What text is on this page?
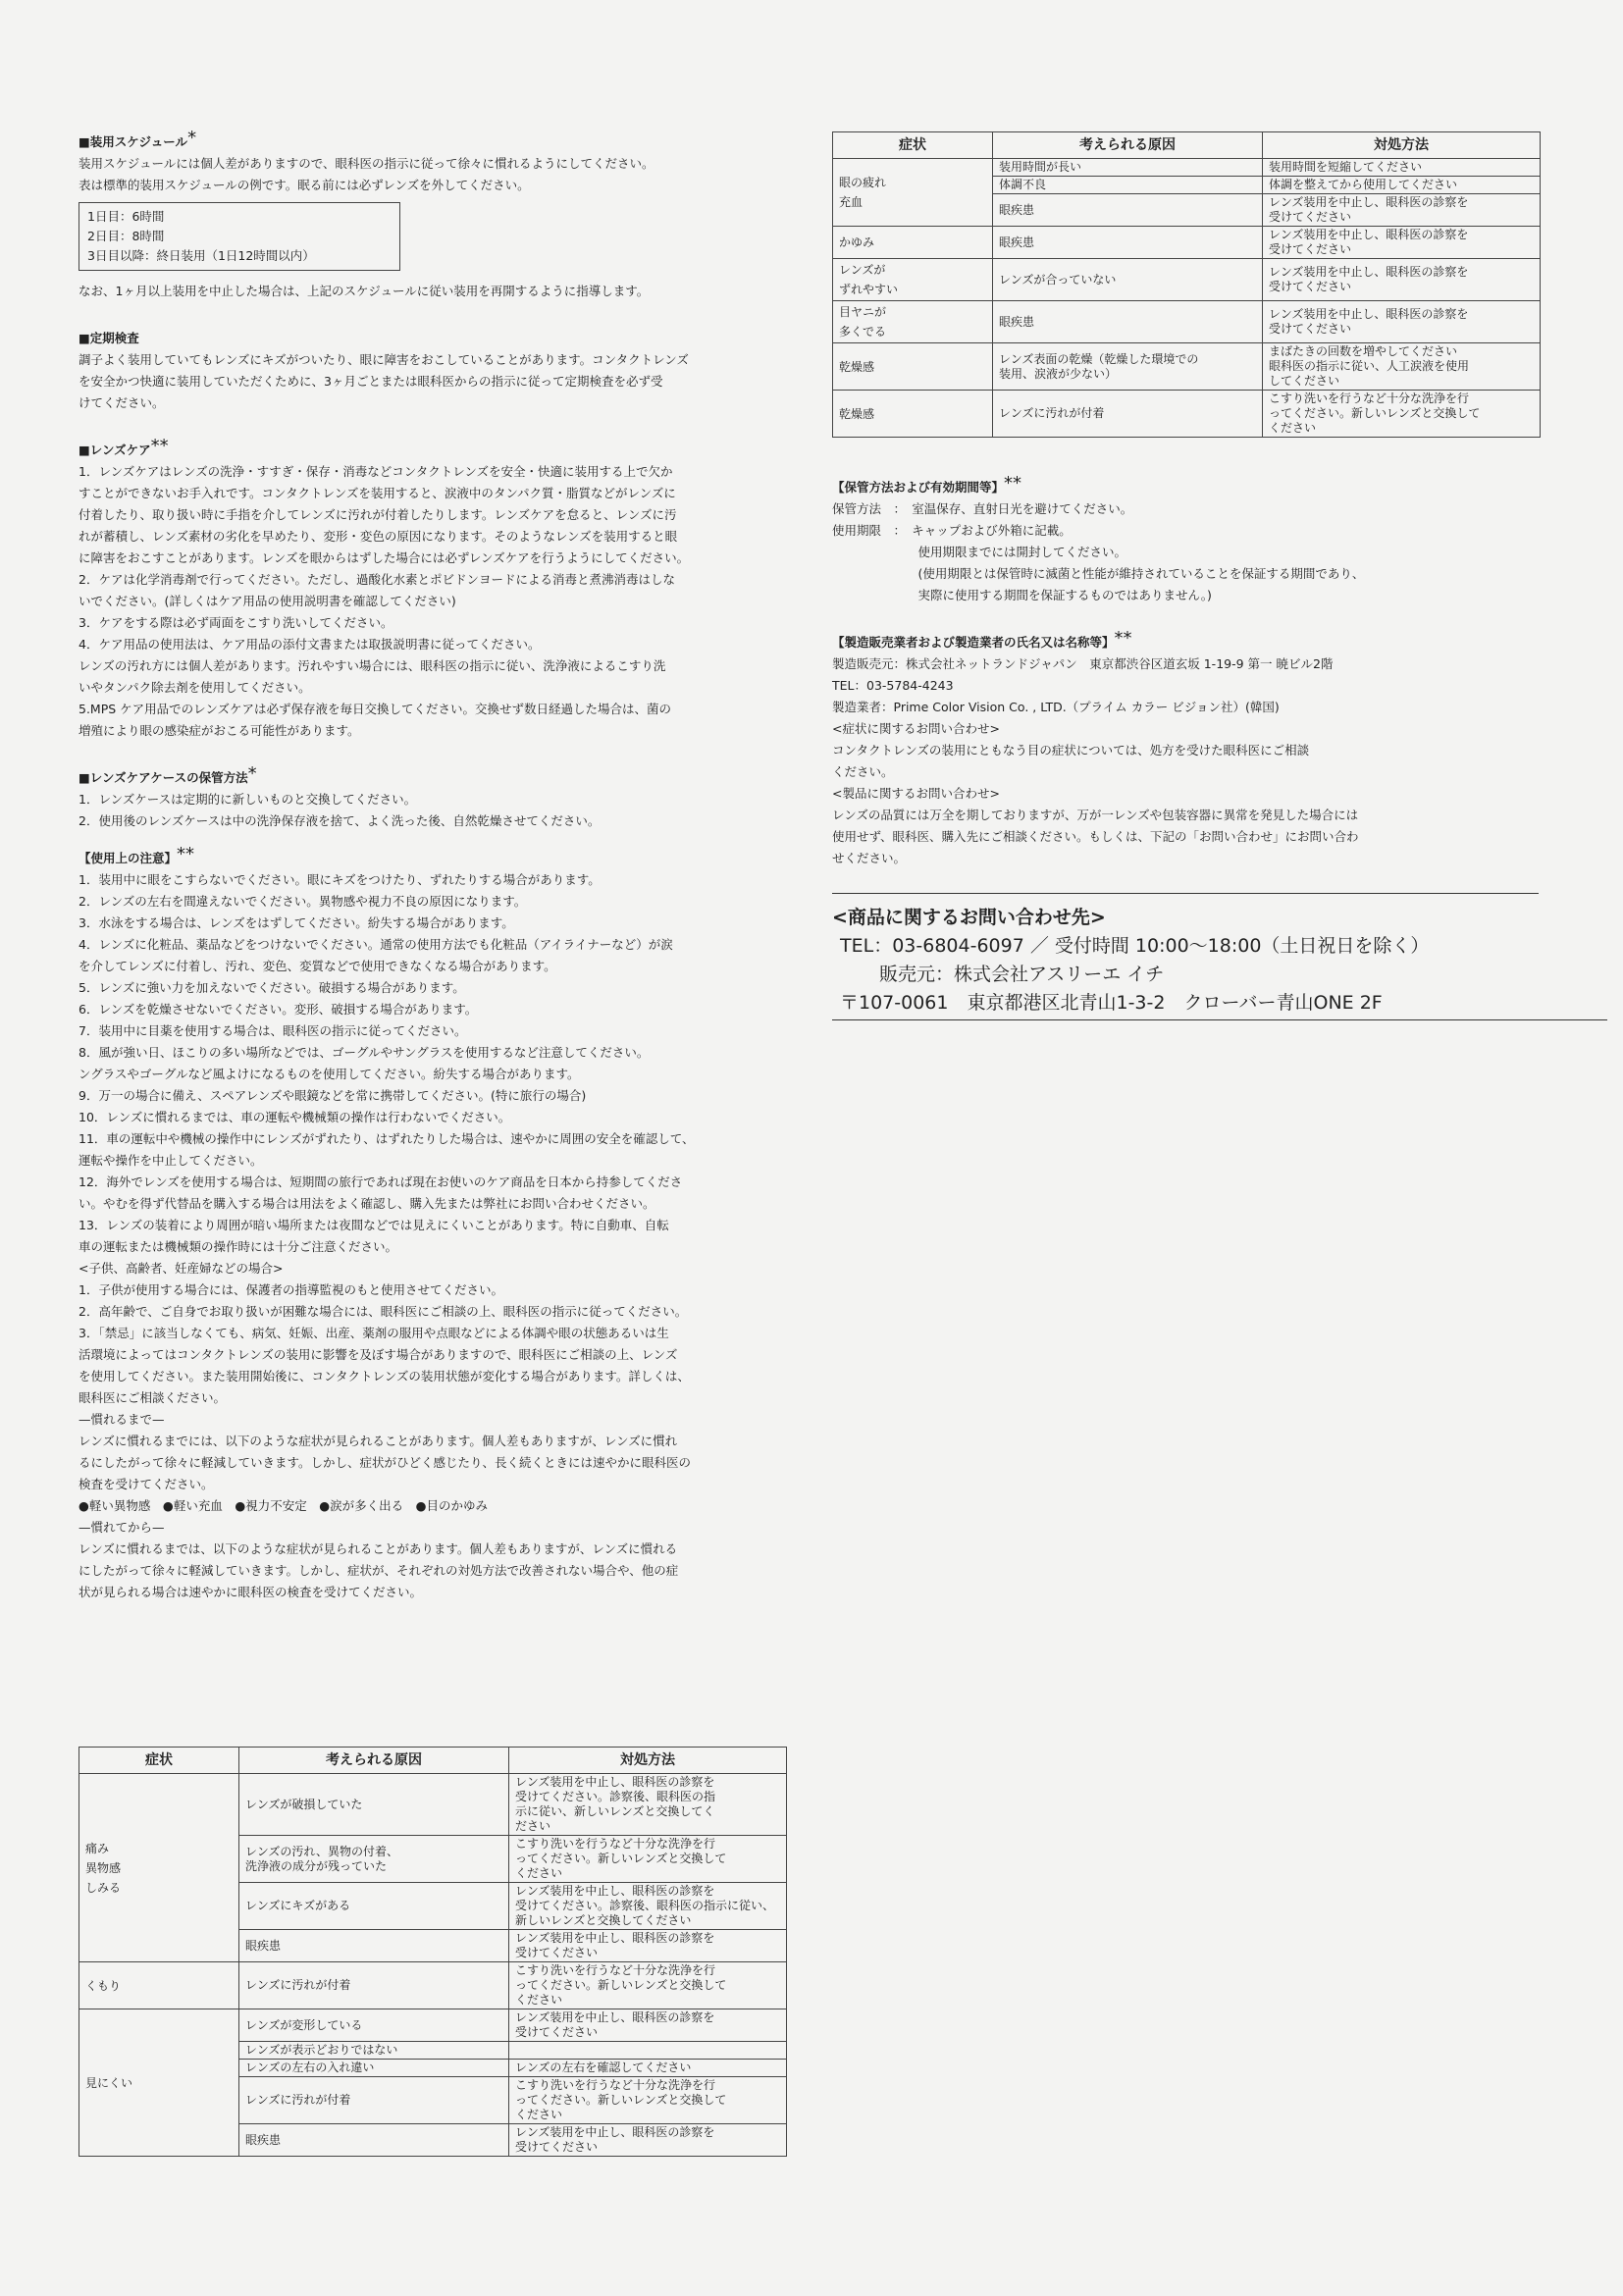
■装用スケジュール*

装用スケジュールには個人差がありますので、眼科医の指示に従って徐々に慣れるようにしてください。

表は標準的装用スケジュールの例です。眠る前には必ずレンズを外してください。

1日目：6時間
2日目：8時間
3日目以降：終日装用（1日12時間以内）

なお、1ヶ月以上装用を中止した場合は、上記のスケジュールに従い装用を再開するように指導します。

■定期検査

調子よく装用していてもレンズにキズがついたり、眼に障害をおこしていることがあります。コンタクトレンズ

を安全かつ快適に装用していただくために、3ヶ月ごとまたは眼科医からの指示に従って定期検査を必ず受

けてください。

■レンズケア**

1．レンズケアはレンズの洗浄・すすぎ・保存・消毒などコンタクトレンズを安全・快適に装用する上で欠か

すことができないお手入れです。コンタクトレンズを装用すると、涙液中のタンパク質・脂質などがレンズに

付着したり、取り扱い時に手指を介してレンズに汚れが付着したりします。レンズケアを怠ると、レンズに汚

れが蓄積し、レンズ素材の劣化を早めたり、変形・変色の原因になります。そのようなレンズを装用すると眼

に障害をおこすことがあります。レンズを眼からはずした場合には必ずレンズケアを行うようにしてください。

2．ケアは化学消毒剤で行ってください。ただし、過酸化水素とポビドンヨードによる消毒と煮沸消毒はしな

いでください。(詳しくはケア用品の使用説明書を確認してください)

3．ケアをする際は必ず両面をこすり洗いしてください。

4．ケア用品の使用法は、ケア用品の添付文書または取扱説明書に従ってください。

レンズの汚れ方には個人差があります。汚れやすい場合には、眼科医の指示に従い、洗浄液によるこすり洗

いやタンパク除去剤を使用してください。

5.MPS ケア用品でのレンズケアは必ず保存液を毎日交換してください。交換せず数日経過した場合は、菌の

増殖により眼の感染症がおこる可能性があります。

■レンズケアケースの保管方法*

1．レンズケースは定期的に新しいものと交換してください。

2．使用後のレンズケースは中の洗浄保存液を捨て、よく洗った後、自然乾燥させてください。

【使用上の注意】**

1．装用中に眼をこすらないでください。眼にキズをつけたり、ずれたりする場合があります。

2．レンズの左右を間違えないでください。異物感や視力不良の原因になります。

3．水泳をする場合は、レンズをはずしてください。紛失する場合があります。

4．レンズに化粧品、薬品などをつけないでください。通常の使用方法でも化粧品（アイライナーなど）が涙

を介してレンズに付着し、汚れ、変色、変質などで使用できなくなる場合があります。

5．レンズに強い力を加えないでください。破損する場合があります。

6．レンズを乾燥させないでください。変形、破損する場合があります。

7．装用中に目薬を使用する場合は、眼科医の指示に従ってください。

8．風が強い日、ほこりの多い場所などでは、ゴーグルやサングラスを使用するなど注意してください。

ングラスやゴーグルなど風よけになるものを使用してください。紛失する場合があります。

9．万一の場合に備え、スペアレンズや眼鏡などを常に携帯してください。(特に旅行の場合)

10．レンズに慣れるまでは、車の運転や機械類の操作は行わないでください。

11．車の運転中や機械の操作中にレンズがずれたり、はずれたりした場合は、速やかに周囲の安全を確認して、

運転や操作を中止してください。

12．海外でレンズを使用する場合は、短期間の旅行であれば現在お使いのケア商品を日本から持参してくださ

い。やむを得ず代替品を購入する場合は用法をよく確認し、購入先または弊社にお問い合わせください。

13．レンズの装着により周囲が暗い場所または夜間などでは見えにくいことがあります。特に自動車、自転

車の運転または機械類の操作時には十分ご注意ください。

<子供、高齢者、妊産婦などの場合>

1．子供が使用する場合には、保護者の指導監視のもと使用させてください。

2．高年齢で、ご自身でお取り扱いが困難な場合には、眼科医にご相談の上、眼科医の指示に従ってください。

3．「禁忌」に該当しなくても、病気、妊娠、出産、薬剤の服用や点眼などによる体調や眼の状態あるいは生

活環境によってはコンタクトレンズの装用に影響を及ぼす場合がありますので、眼科医にご相談の上、レンズ

を使用してください。また装用開始後に、コンタクトレンズの装用状態が変化する場合があります。詳しくは、

眼科医にご相談ください。

—慣れるまで—

レンズに慣れるまでには、以下のような症状が見られることがあります。個人差もありますが、レンズに慣れ

るにしたがって徐々に軽減していきます。しかし、症状がひどく感じたり、長く続くときには速やかに眼科医の

検査を受けてください。

●軽い異物感　●軽い充血　●視力不安定　●涙が多く出る　●目のかゆみ

—慣れてから—

レンズに慣れるまでは、以下のような症状が見られることがあります。個人差もありますが、レンズに慣れる

にしたがって徐々に軽減していきます。しかし、症状が、それぞれの対処方法で改善されない場合や、他の症

状が見られる場合は速やかに眼科医の検査を受けてください。

症状	考えられる原因	対処方法
痛み
異物感
しみる	レンズが破損していた	レンズ装用を中止し、眼科医の診察を
受けてください。診察後、眼科医の指
示に従い、新しいレンズと交換してく
ださい
	レンズの汚れ、異物の付着、
洗浄液の成分が残っていた	こすり洗いを行うなど十分な洗浄を行
ってください。新しいレンズと交換して
ください
	レンズにキズがある	レンズ装用を中止し、眼科医の診察を
受けてください。診察後、眼科医の指示に従い、
新しいレンズと交換してください
	眼疾患	レンズ装用を中止し、眼科医の診察を
受けてください
くもり	レンズに汚れが付着	こすり洗いを行うなど十分な洗浄を行
ってください。新しいレンズと交換して
ください
見にくい	レンズが変形している	レンズ装用を中止し、眼科医の診察を
受けてください
	レンズが表示どおりではない	
	レンズの左右の入れ違い	レンズの左右を確認してください
	レンズに汚れが付着	こすり洗いを行うなど十分な洗浄を行
ってください。新しいレンズと交換して
ください
	眼疾患	レンズ装用を中止し、眼科医の診察を
受けてください
症状	考えられる原因	対処方法
眼の疲れ
充血	装用時間が長い	装用時間を短縮してください
	体調不良	体調を整えてから使用してください
	眼疾患	レンズ装用を中止し、眼科医の診察を
受けてください
かゆみ	眼疾患	レンズ装用を中止し、眼科医の診察を
受けてください
レンズが
ずれやすい	レンズが合っていない	レンズ装用を中止し、眼科医の診察を
受けてください
目ヤニが
多くでる	眼疾患	レンズ装用を中止し、眼科医の診察を
受けてください
乾燥感	レンズ表面の乾燥（乾燥した環境での
装用、涙液が少ない）	まばたきの回数を増やしてください
眼科医の指示に従い、人工涙液を使用
してください
乾燥感	レンズに汚れが付着	こすり洗いを行うなど十分な洗浄を行
ってください。新しいレンズと交換して
ください
【保管方法および有効期間等】**

保管方法　：　室温保存、直射日光を避けてください。

使用期限　：　キャップおよび外箱に記載。

　　　　　　　使用期限までには開封してください。

　　　　　　　(使用期限とは保管時に滅菌と性能が維持されていることを保証する期間であり、

　　　　　　　実際に使用する期間を保証するものではありません。)

【製造販売業者および製造業者の氏名又は名称等】**

製造販売元：株式会社ネットランドジャパン　東京都渋谷区道玄坂 1-19-9 第一 暁ビル2階

TEL：03-5784-4243

製造業者：Prime Color Vision Co. , LTD.（プライム カラー ビジョン社）(韓国)

<症状に関するお問い合わせ>

コンタクトレンズの装用にともなう目の症状については、処方を受けた眼科医にご相談

ください。

<製品に関するお問い合わせ>

レンズの品質には万全を期しておりますが、万が一レンズや包装容器に異常を発見した場合には

使用せず、眼科医、購入先にご相談ください。もしくは、下記の「お問い合わせ」にお問い合わ

せください。

<商品に関するお問い合わせ先>
TEL：03-6804-6097 ／ 受付時間 10:00〜18:00（土日祝日を除く）
販売元：株式会社アスリーエ イチ
〒107-0061　東京都港区北青山1-3-2　クローバー青山ONE 2F
